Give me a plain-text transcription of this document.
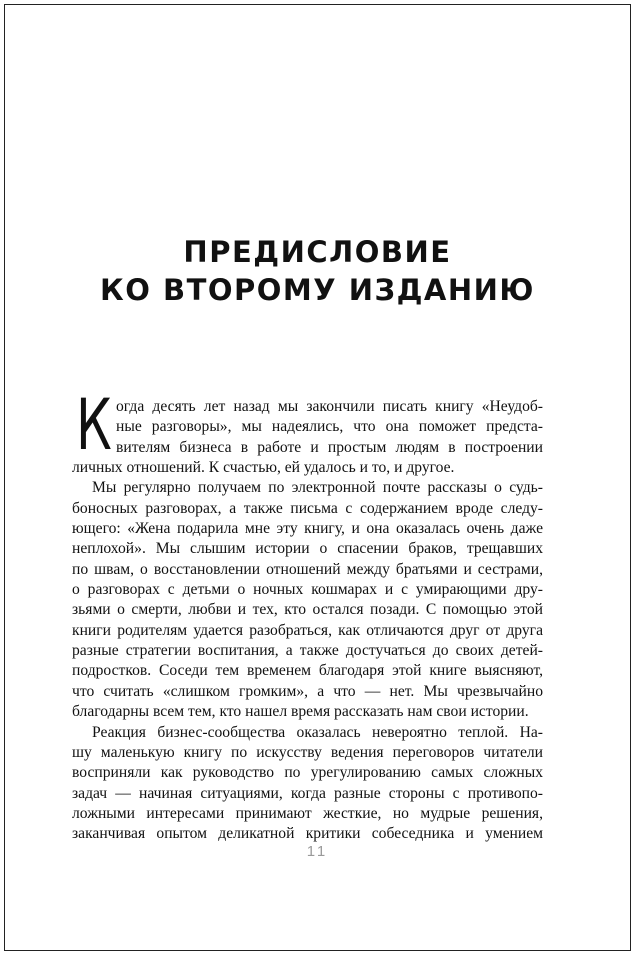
ПРЕДИСЛОВИЕ
КО ВТОРОМУ ИЗДАНИЮ
К огда десять лет назад мы закончили писать книгу «Неудоб-
ные разговоры», мы надеялись, что она поможет предста-
вителям бизнеса в работе и простым людям в построении
личных отношений. К счастью, ей удалось и то, и другое.
Мы регулярно получаем по электронной почте рассказы о судь-
боносных разговорах, а также письма с содержанием вроде следу-
ющего: «Жена подарила мне эту книгу, и она оказалась очень даже
неплохой». Мы слышим истории о спасении браков, трещавших
по швам, о восстановлении отношений между братьями и сестрами,
о разговорах с детьми о ночных кошмарах и с умирающими дру-
зьями о смерти, любви и тех, кто остался позади. С помощью этой
книги родителям удается разобраться, как отличаются друг от друга
разные стратегии воспитания, а также достучаться до своих детей-
подростков. Соседи тем временем благодаря этой книге выясняют,
что считать «слишком громким», а что — нет. Мы чрезвычайно
благодарны всем тем, кто нашел время рассказать нам свои истории.
Реакция бизнес-сообщества оказалась невероятно теплой. На-
шу маленькую книгу по искусству ведения переговоров читатели
восприняли как руководство по урегулированию самых сложных
задач — начиная ситуациями, когда разные стороны с противопо-
ложными интересами принимают жесткие, но мудрые решения,
заканчивая опытом деликатной критики собеседника и умением
11
